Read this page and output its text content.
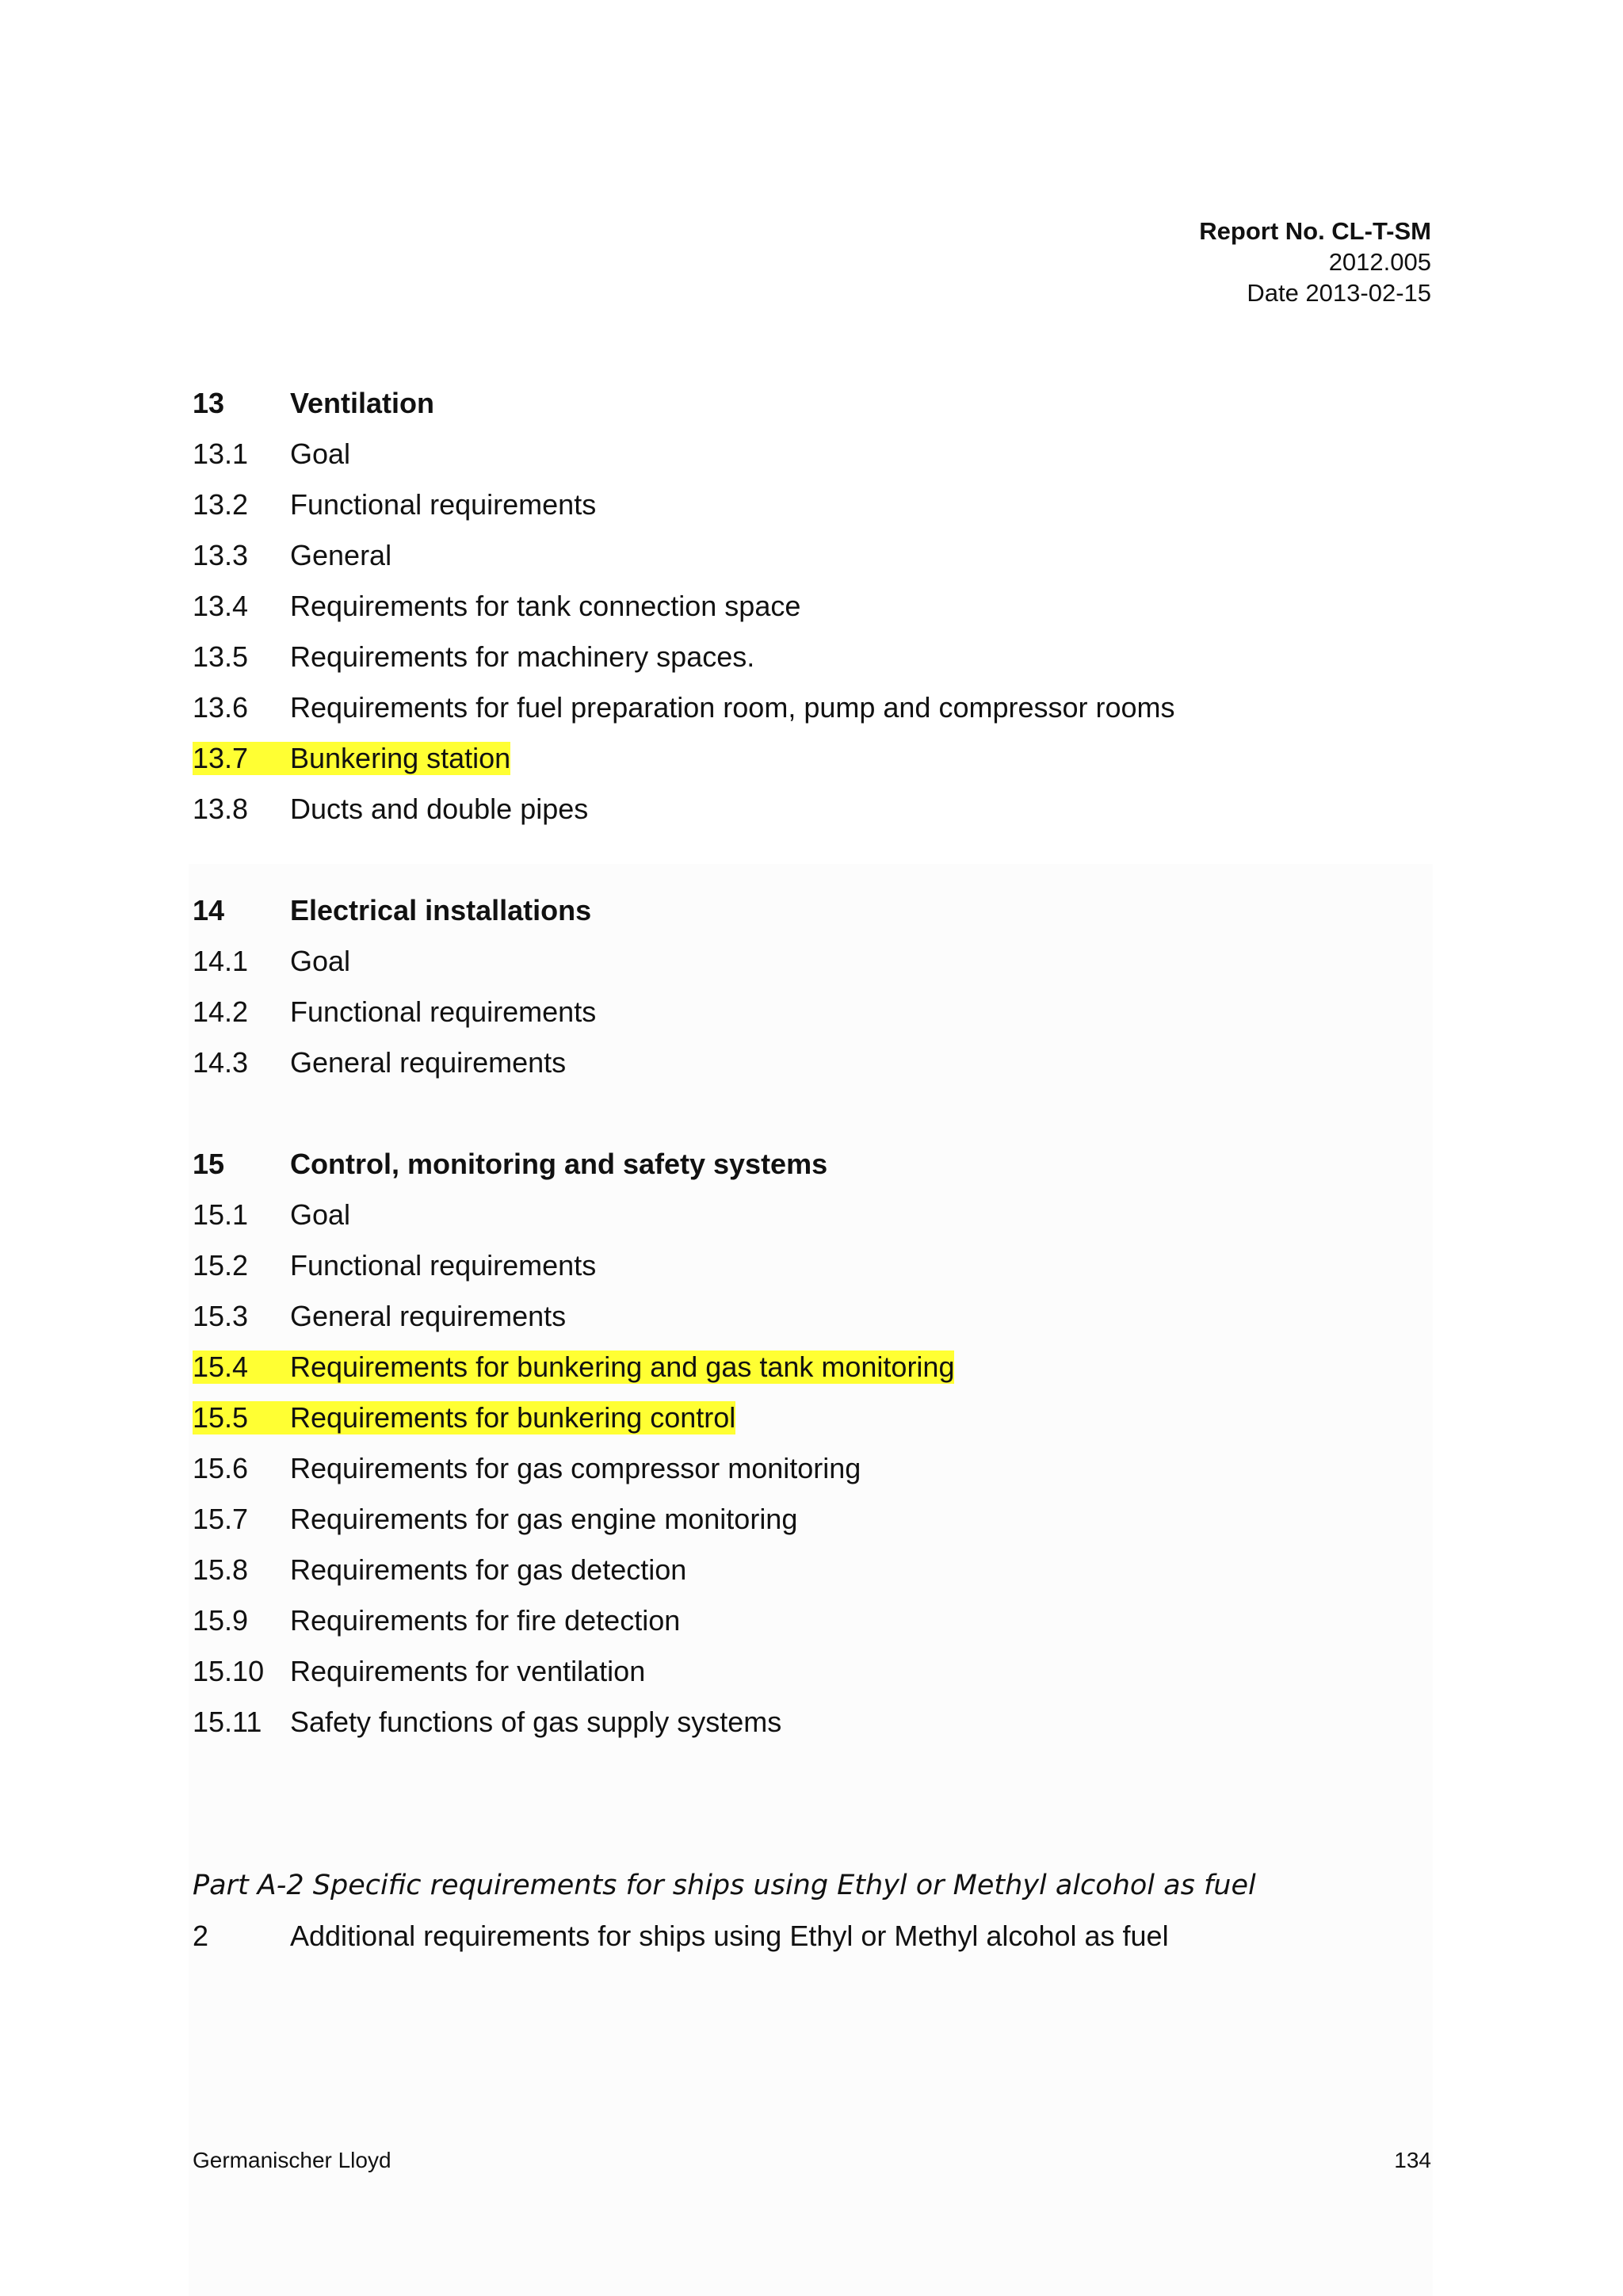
Report No. CL-T-SM
2012.005
Date 2013-02-15
13	Ventilation
13.1	Goal
13.2	Functional requirements
13.3	General
13.4	Requirements for tank connection space
13.5	Requirements for machinery spaces.
13.6	Requirements for fuel preparation room, pump and compressor rooms
13.7	Bunkering station
13.8	Ducts and double pipes
14	Electrical installations
14.1	Goal
14.2	Functional requirements
14.3	General requirements
15	Control, monitoring and safety systems
15.1	Goal
15.2	Functional requirements
15.3	General requirements
15.4	Requirements for bunkering and gas tank monitoring
15.5	Requirements for bunkering control
15.6	Requirements for gas compressor monitoring
15.7	Requirements for gas engine monitoring
15.8	Requirements for gas detection
15.9	Requirements for fire detection
15.10 Requirements for ventilation
15.11 Safety functions of gas supply systems
Part A-2 Specific requirements for ships using Ethyl or Methyl alcohol as fuel
2	Additional requirements for ships using Ethyl or Methyl alcohol as fuel
Germanischer Lloyd	134
